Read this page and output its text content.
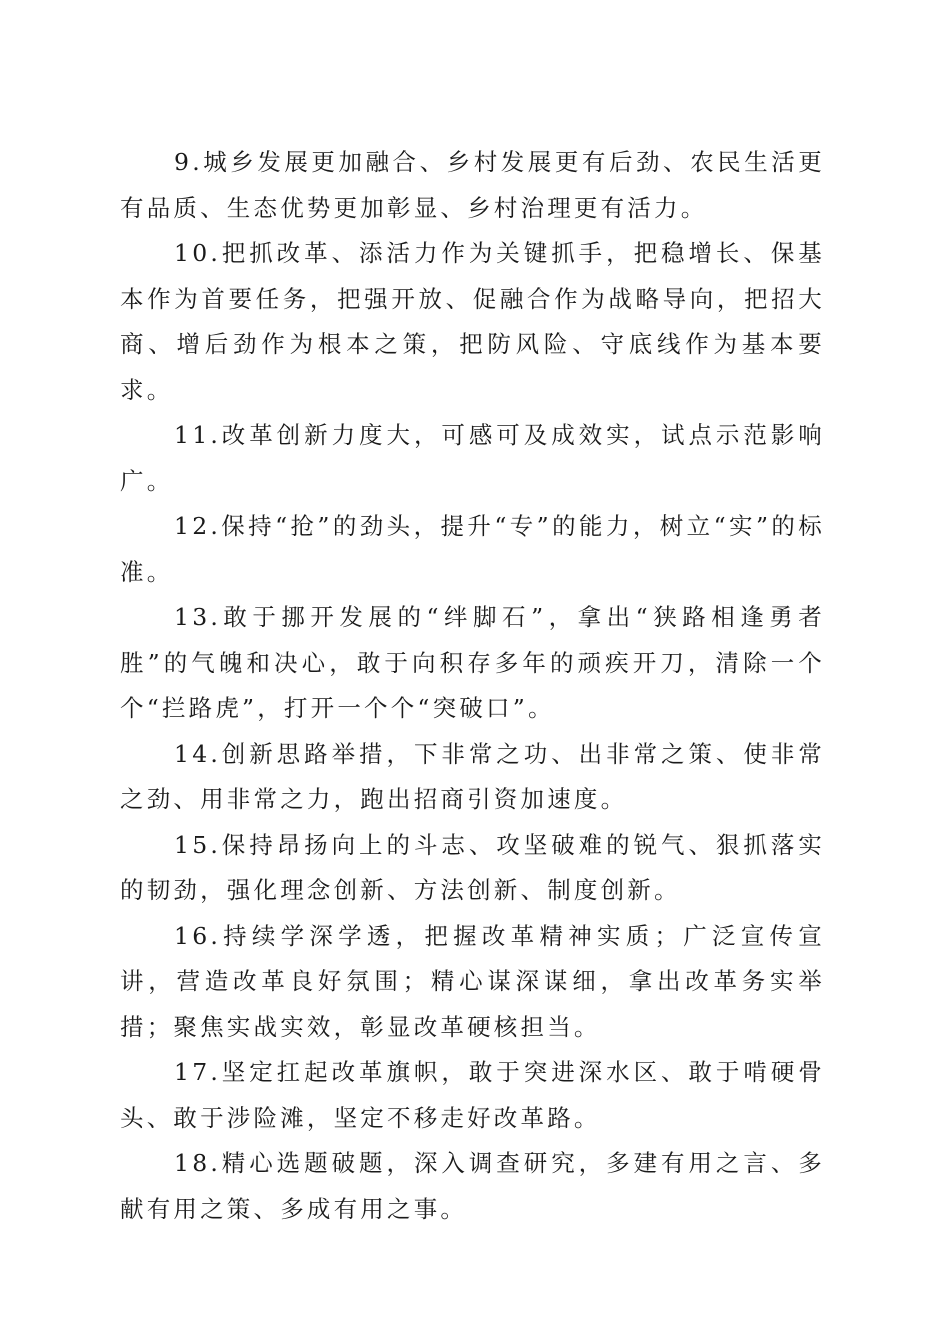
9.城乡发展更加融合、乡村发展更有后劲、农民生活更有品质、生态优势更加彰显、乡村治理更有活力。

10.把抓改革、添活力作为关键抓手，把稳增长、保基本作为首要任务，把强开放、促融合作为战略导向，把招大商、增后劲作为根本之策，把防风险、守底线作为基本要求。

11.改革创新力度大，可感可及成效实，试点示范影响广。

12.保持“抢”的劲头，提升“专”的能力，树立“实”的标准。

13.敢于挪开发展的“绊脚石”，拿出“狭路相逢勇者胜”的气魄和决心，敢于向积存多年的顽疾开刀，清除一个个“拦路虎”，打开一个个“突破口”。

14.创新思路举措，下非常之功、出非常之策、使非常之劲、用非常之力，跑出招商引资加速度。

15.保持昂扬向上的斗志、攻坚破难的锐气、狠抓落实的韧劲，强化理念创新、方法创新、制度创新。

16.持续学深学透，把握改革精神实质；广泛宣传宣讲，营造改革良好氛围；精心谋深谋细，拿出改革务实举措；聚焦实战实效，彰显改革硬核担当。

17.坚定扛起改革旗帜，敢于突进深水区、敢于啃硬骨头、敢于涉险滩，坚定不移走好改革路。

18.精心选题破题，深入调查研究，多建有用之言、多献有用之策、多成有用之事。
